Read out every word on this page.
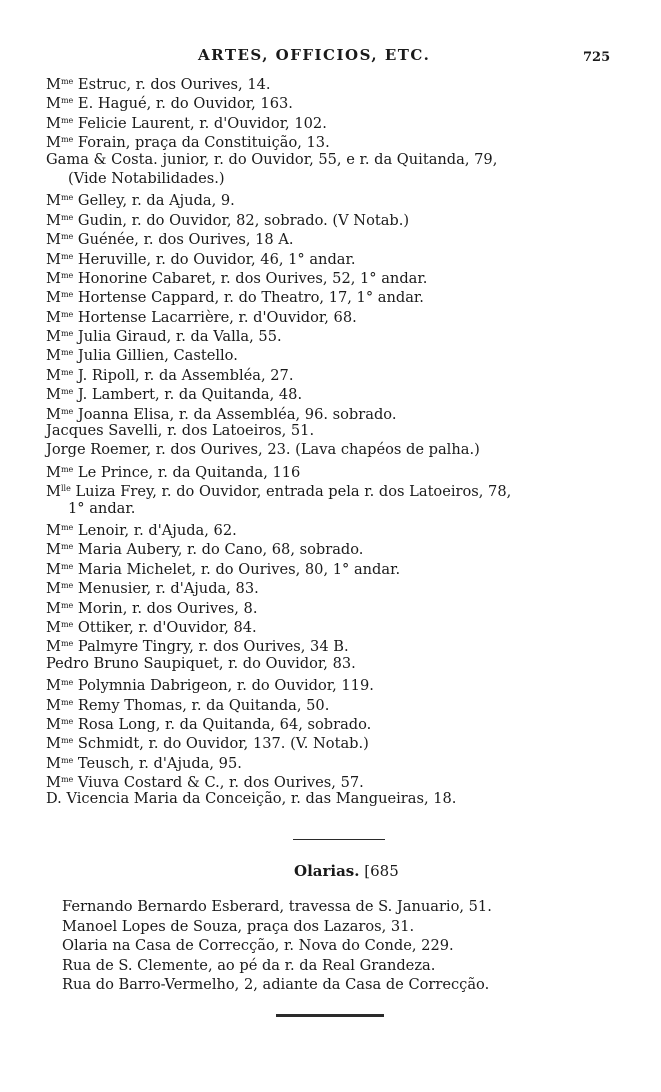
ARTES, OFFICIOS, ETC.	725
$M^{me}$ Estruc, r. dos Ourives, 14.
$M^{me}$ E. Hagué, r. do Ouvidor, 163.
$M^{me}$ Felicie Laurent, r. d'Ouvidor, 102.
$M^{me}$ Forain, praça da Constituição, 13.
Gama & Costa. junior, r. do Ouvidor, 55, e r. da Quitanda, 79,
(Vide Notabilidades.)
$M^{me}$ Gelley, r. da Ajuda, 9.
$M^{me}$ Gudin, r. do Ouvidor, 82, sobrado. (V Notab.)
$M^{me}$ Guénée, r. dos Ourives, 18 A.
$M^{me}$ Heruville, r. do Ouvidor, 46, 1° andar.
$M^{me}$ Honorine Cabaret, r. dos Ourives, 52, 1° andar.
$M^{me}$ Hortense Cappard, r. do Theatro, 17, 1° andar.
$M^{me}$ Hortense Lacarrière, r. d'Ouvidor, 68.
$M^{me}$ Julia Giraud, r. da Valla, 55.
$M^{me}$ Julia Gillien, Castello.
$M^{me}$ J. Ripoll, r. da Assembléa, 27.
$M^{me}$ J. Lambert, r. da Quitanda, 48.
$M^{me}$ Joanna Elisa, r. da Assembléa, 96. sobrado.
Jacques Savelli, r. dos Latoeiros, 51.
Jorge Roemer, r. dos Ourives, 23. (Lava chapéos de palha.)
$M^{me}$ Le Prince, r. da Quitanda, 116
$M^{lle}$ Luiza Frey, r. do Ouvidor, entrada pela r. dos Latoeiros, 78,
1° andar.
$M^{me}$ Lenoir, r. d'Ajuda, 62.
$M^{me}$ Maria Aubery, r. do Cano, 68, sobrado.
$M^{me}$ Maria Michelet, r. do Ourives, 80, 1° andar.
$M^{me}$ Menusier, r. d'Ajuda, 83.
$M^{me}$ Morin, r. dos Ourives, 8.
$M^{me}$ Ottiker, r. d'Ouvidor, 84.
$M^{me}$ Palmyre Tingry, r. dos Ourives, 34 B.
Pedro Bruno Saupiquet, r. do Ouvidor, 83.
$M^{me}$ Polymnia Dabrigeon, r. do Ouvidor, 119.
$M^{me}$ Remy Thomas, r. da Quitanda, 50.
$M^{me}$ Rosa Long, r. da Quitanda, 64, sobrado.
$M^{me}$ Schmidt, r. do Ouvidor, 137. (V. Notab.)
$M^{me}$ Teusch, r. d'Ajuda, 95.
$M^{me}$ Viuva Costard & C., r. dos Ourives, 57.
D. Vicencia Maria da Conceição, r. das Mangueiras, 18.
Olarias. [685
Fernando Bernardo Esberard, travessa de S. Januario, 51.
Manoel Lopes de Souza, praça dos Lazaros, 31.
Olaria na Casa de Correcção, r. Nova do Conde, 229.
Rua de S. Clemente, ao pé da r. da Real Grandeza.
Rua do Barro-Vermelho, 2, adiante da Casa de Correcção.
